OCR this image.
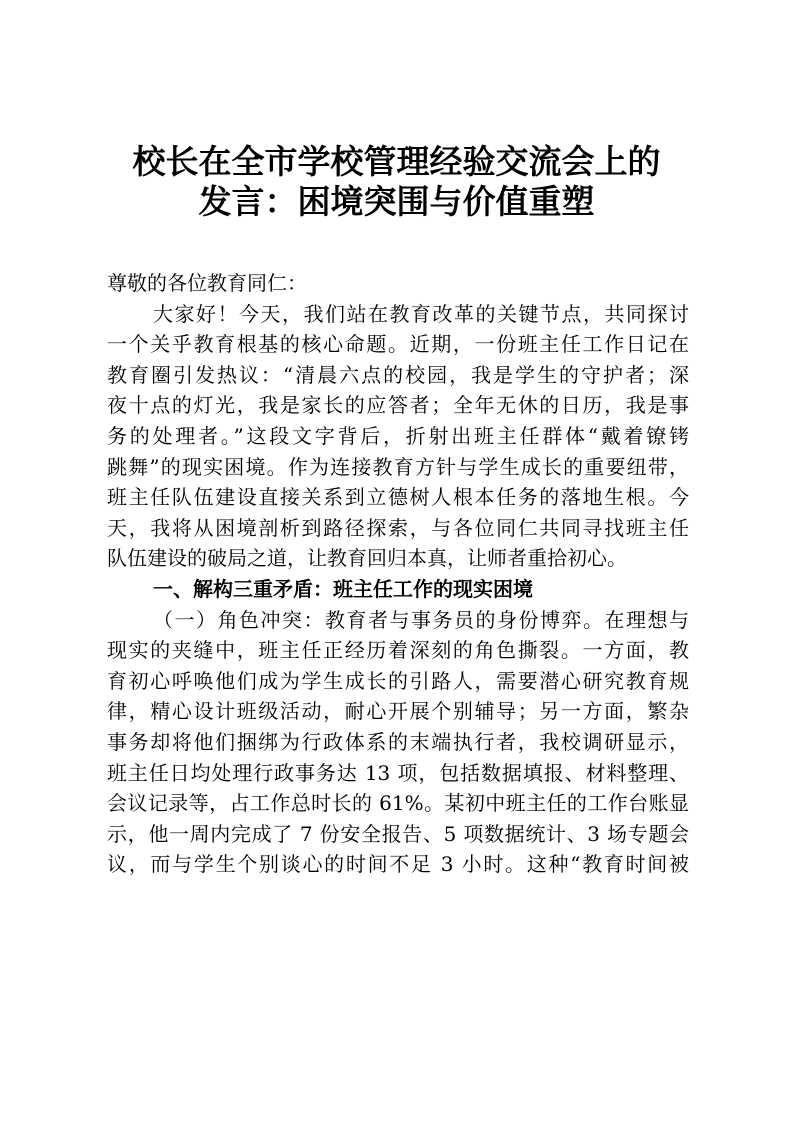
校长在全市学校管理经验交流会上的
发言：困境突围与价值重塑
尊敬的各位教育同仁：
大家好！今天，我们站在教育改革的关键节点，共同探讨
一个关乎教育根基的核心命题。近期，一份班主任工作日记在
教育圈引发热议：“清晨六点的校园，我是学生的守护者；深
夜十点的灯光，我是家长的应答者；全年无休的日历，我是事
务的处理者。”这段文字背后，折射出班主任群体“戴着镣铐
跳舞”的现实困境。作为连接教育方针与学生成长的重要纽带，
班主任队伍建设直接关系到立德树人根本任务的落地生根。今
天，我将从困境剖析到路径探索，与各位同仁共同寻找班主任
队伍建设的破局之道，让教育回归本真，让师者重拾初心。
一、解构三重矛盾：班主任工作的现实困境
（一）角色冲突：教育者与事务员的身份博弈。在理想与
现实的夹缝中，班主任正经历着深刻的角色撕裂。一方面，教
育初心呼唤他们成为学生成长的引路人，需要潜心研究教育规
律，精心设计班级活动，耐心开展个别辅导；另一方面，繁杂
事务却将他们捆绑为行政体系的末端执行者，我校调研显示，
班主任日均处理行政事务达 13 项，包括数据填报、材料整理、
会议记录等，占工作总时长的 61%。某初中班主任的工作台账显
示，他一周内完成了 7 份安全报告、5 项数据统计、3 场专题会
议，而与学生个别谈心的时间不足 3 小时。这种“教育时间被
